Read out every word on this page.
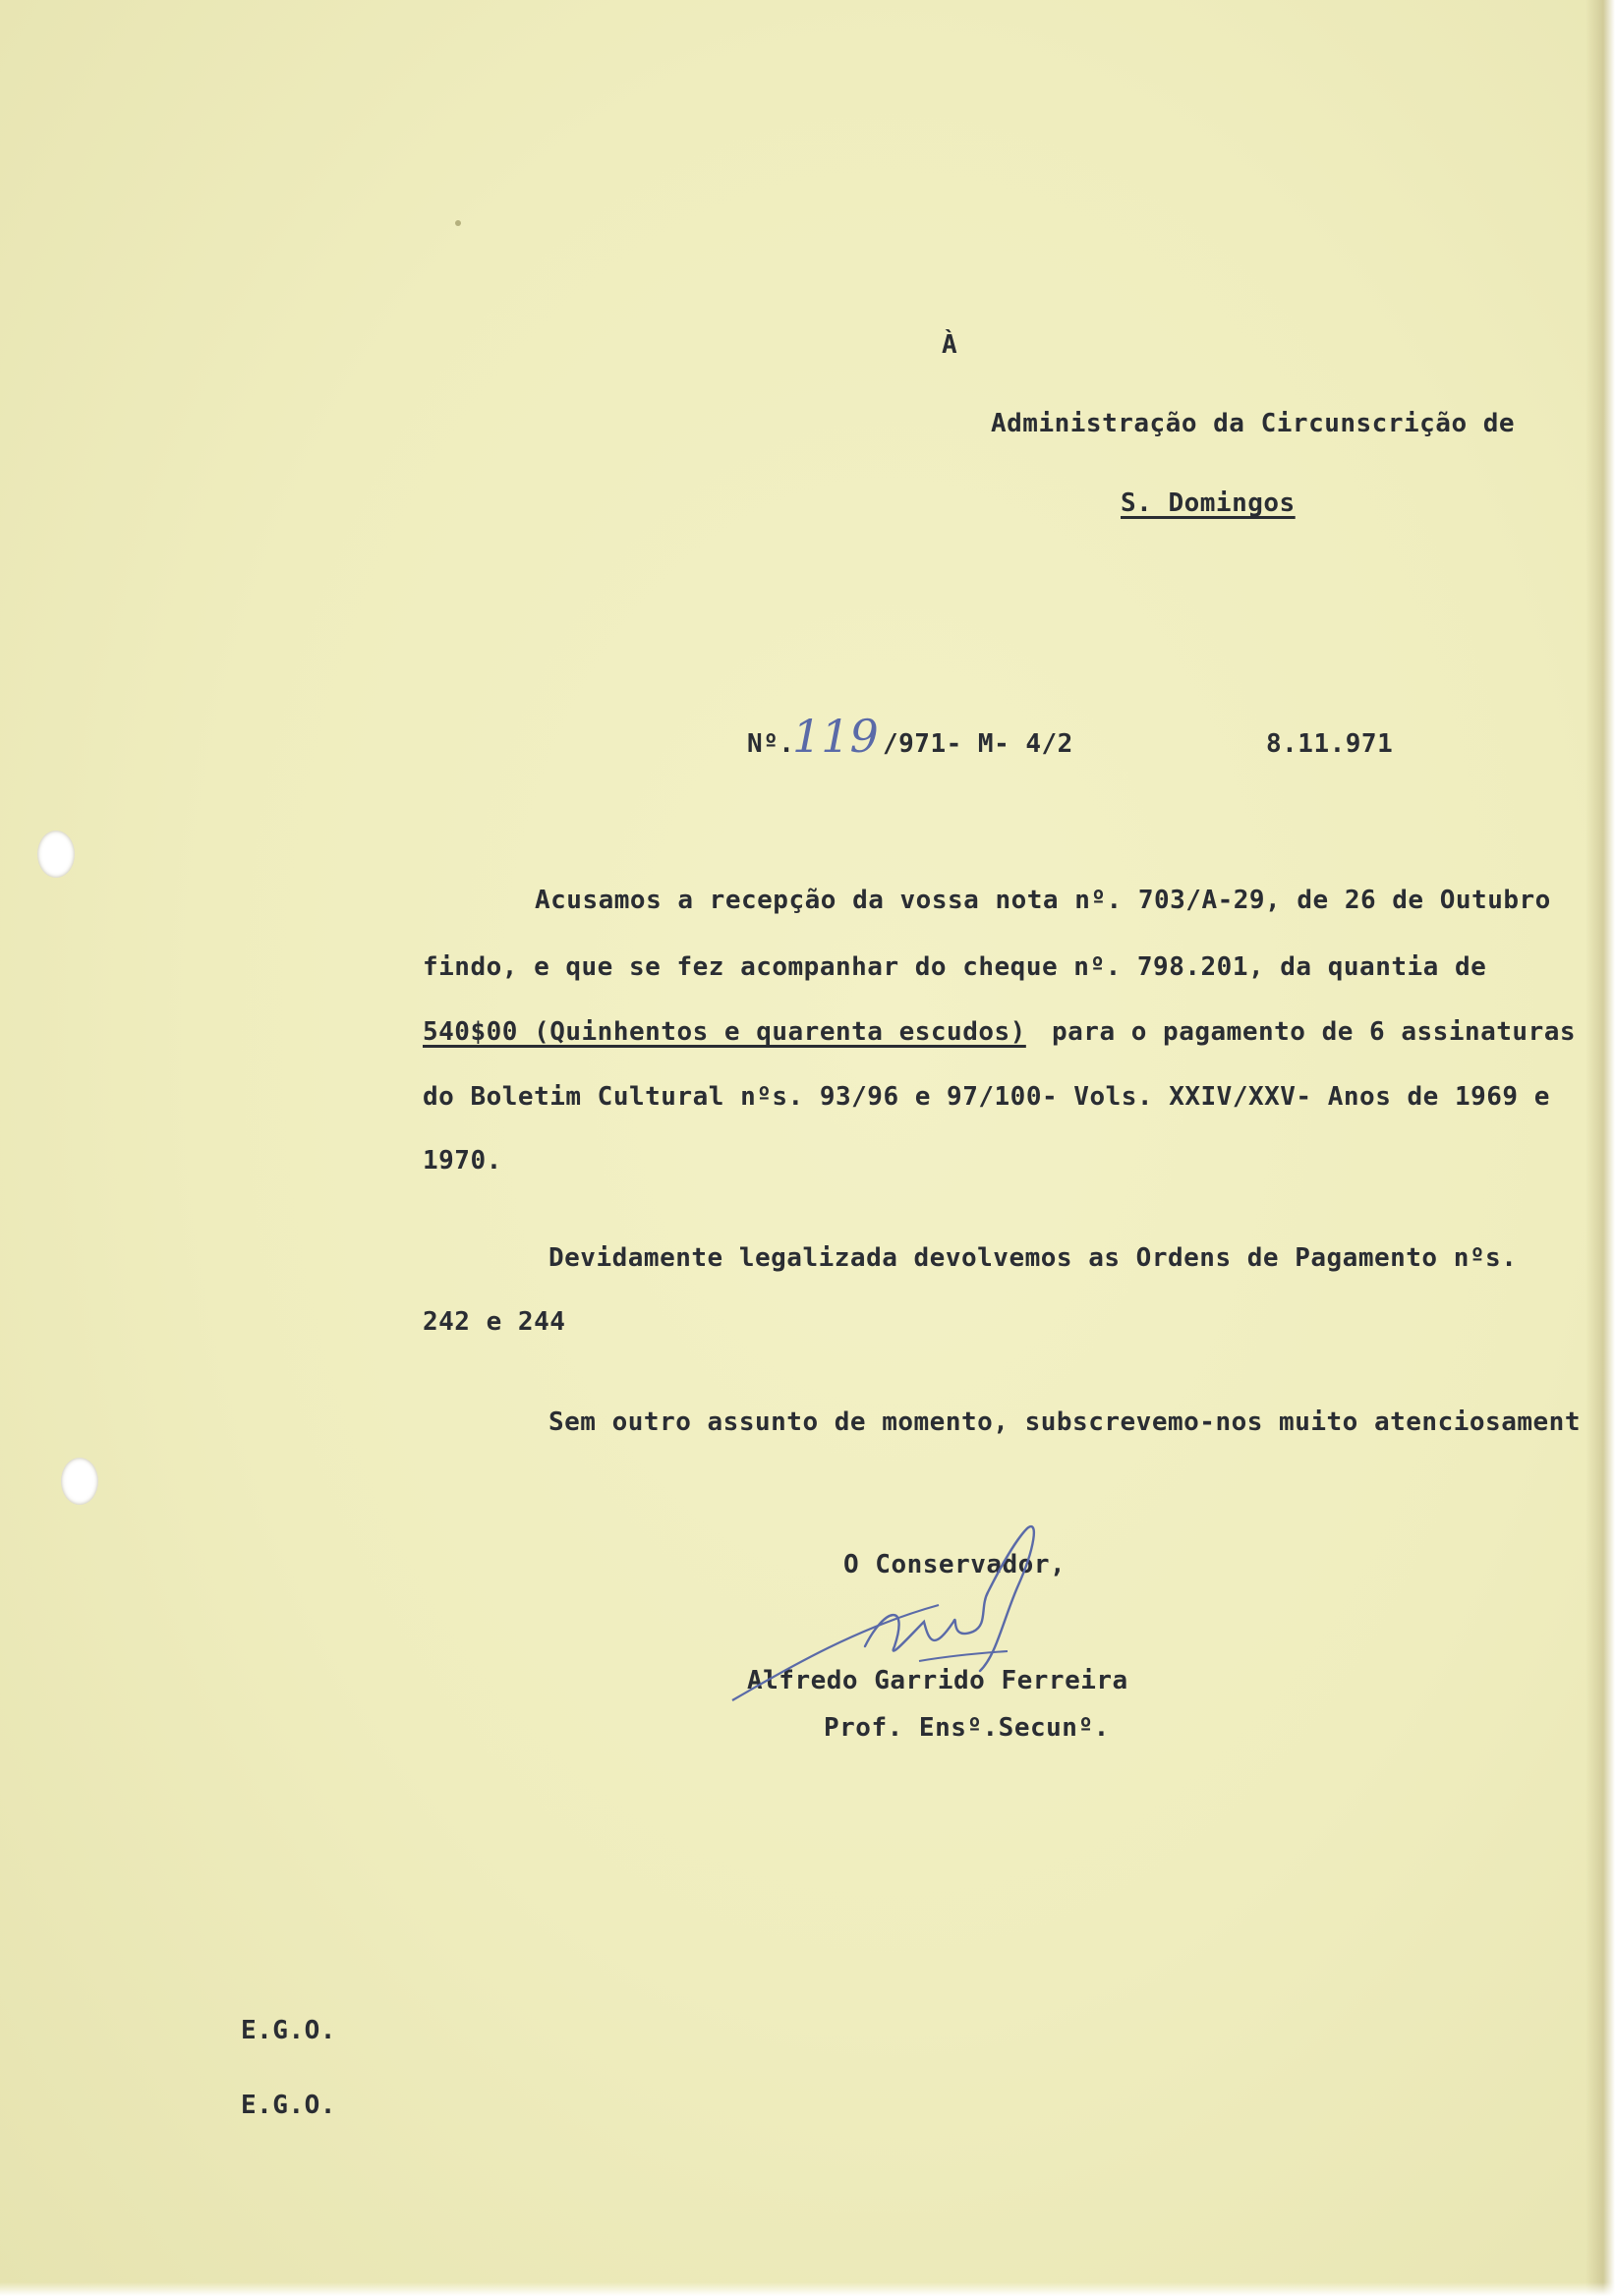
À
Administração da Circunscrição de
S. Domingos
Nº.
119 /971- M- 4/2	8.11.971
Acusamos a recepção da vossa nota nº. 703/A-29, de 26 de Outubro
findo, e que se fez acompanhar do cheque nº. 798.201, da quantia de
540$00 (Quinhentos e quarenta escudos) para o pagamento de 6 assinaturas
do Boletim Cultural nºs. 93/96 e 97/100- Vols. XXIV/XXV- Anos de 1969 e
1970.
Devidamente legalizada devolvemos as Ordens de Pagamento nºs.
242 e 244
Sem outro assunto de momento, subscrevemo-nos muito atenciosament
O Conservador,
Alfredo Garrido Ferreira
Prof. Ensº.Secunº.
E.G.O.
E.G.O.
